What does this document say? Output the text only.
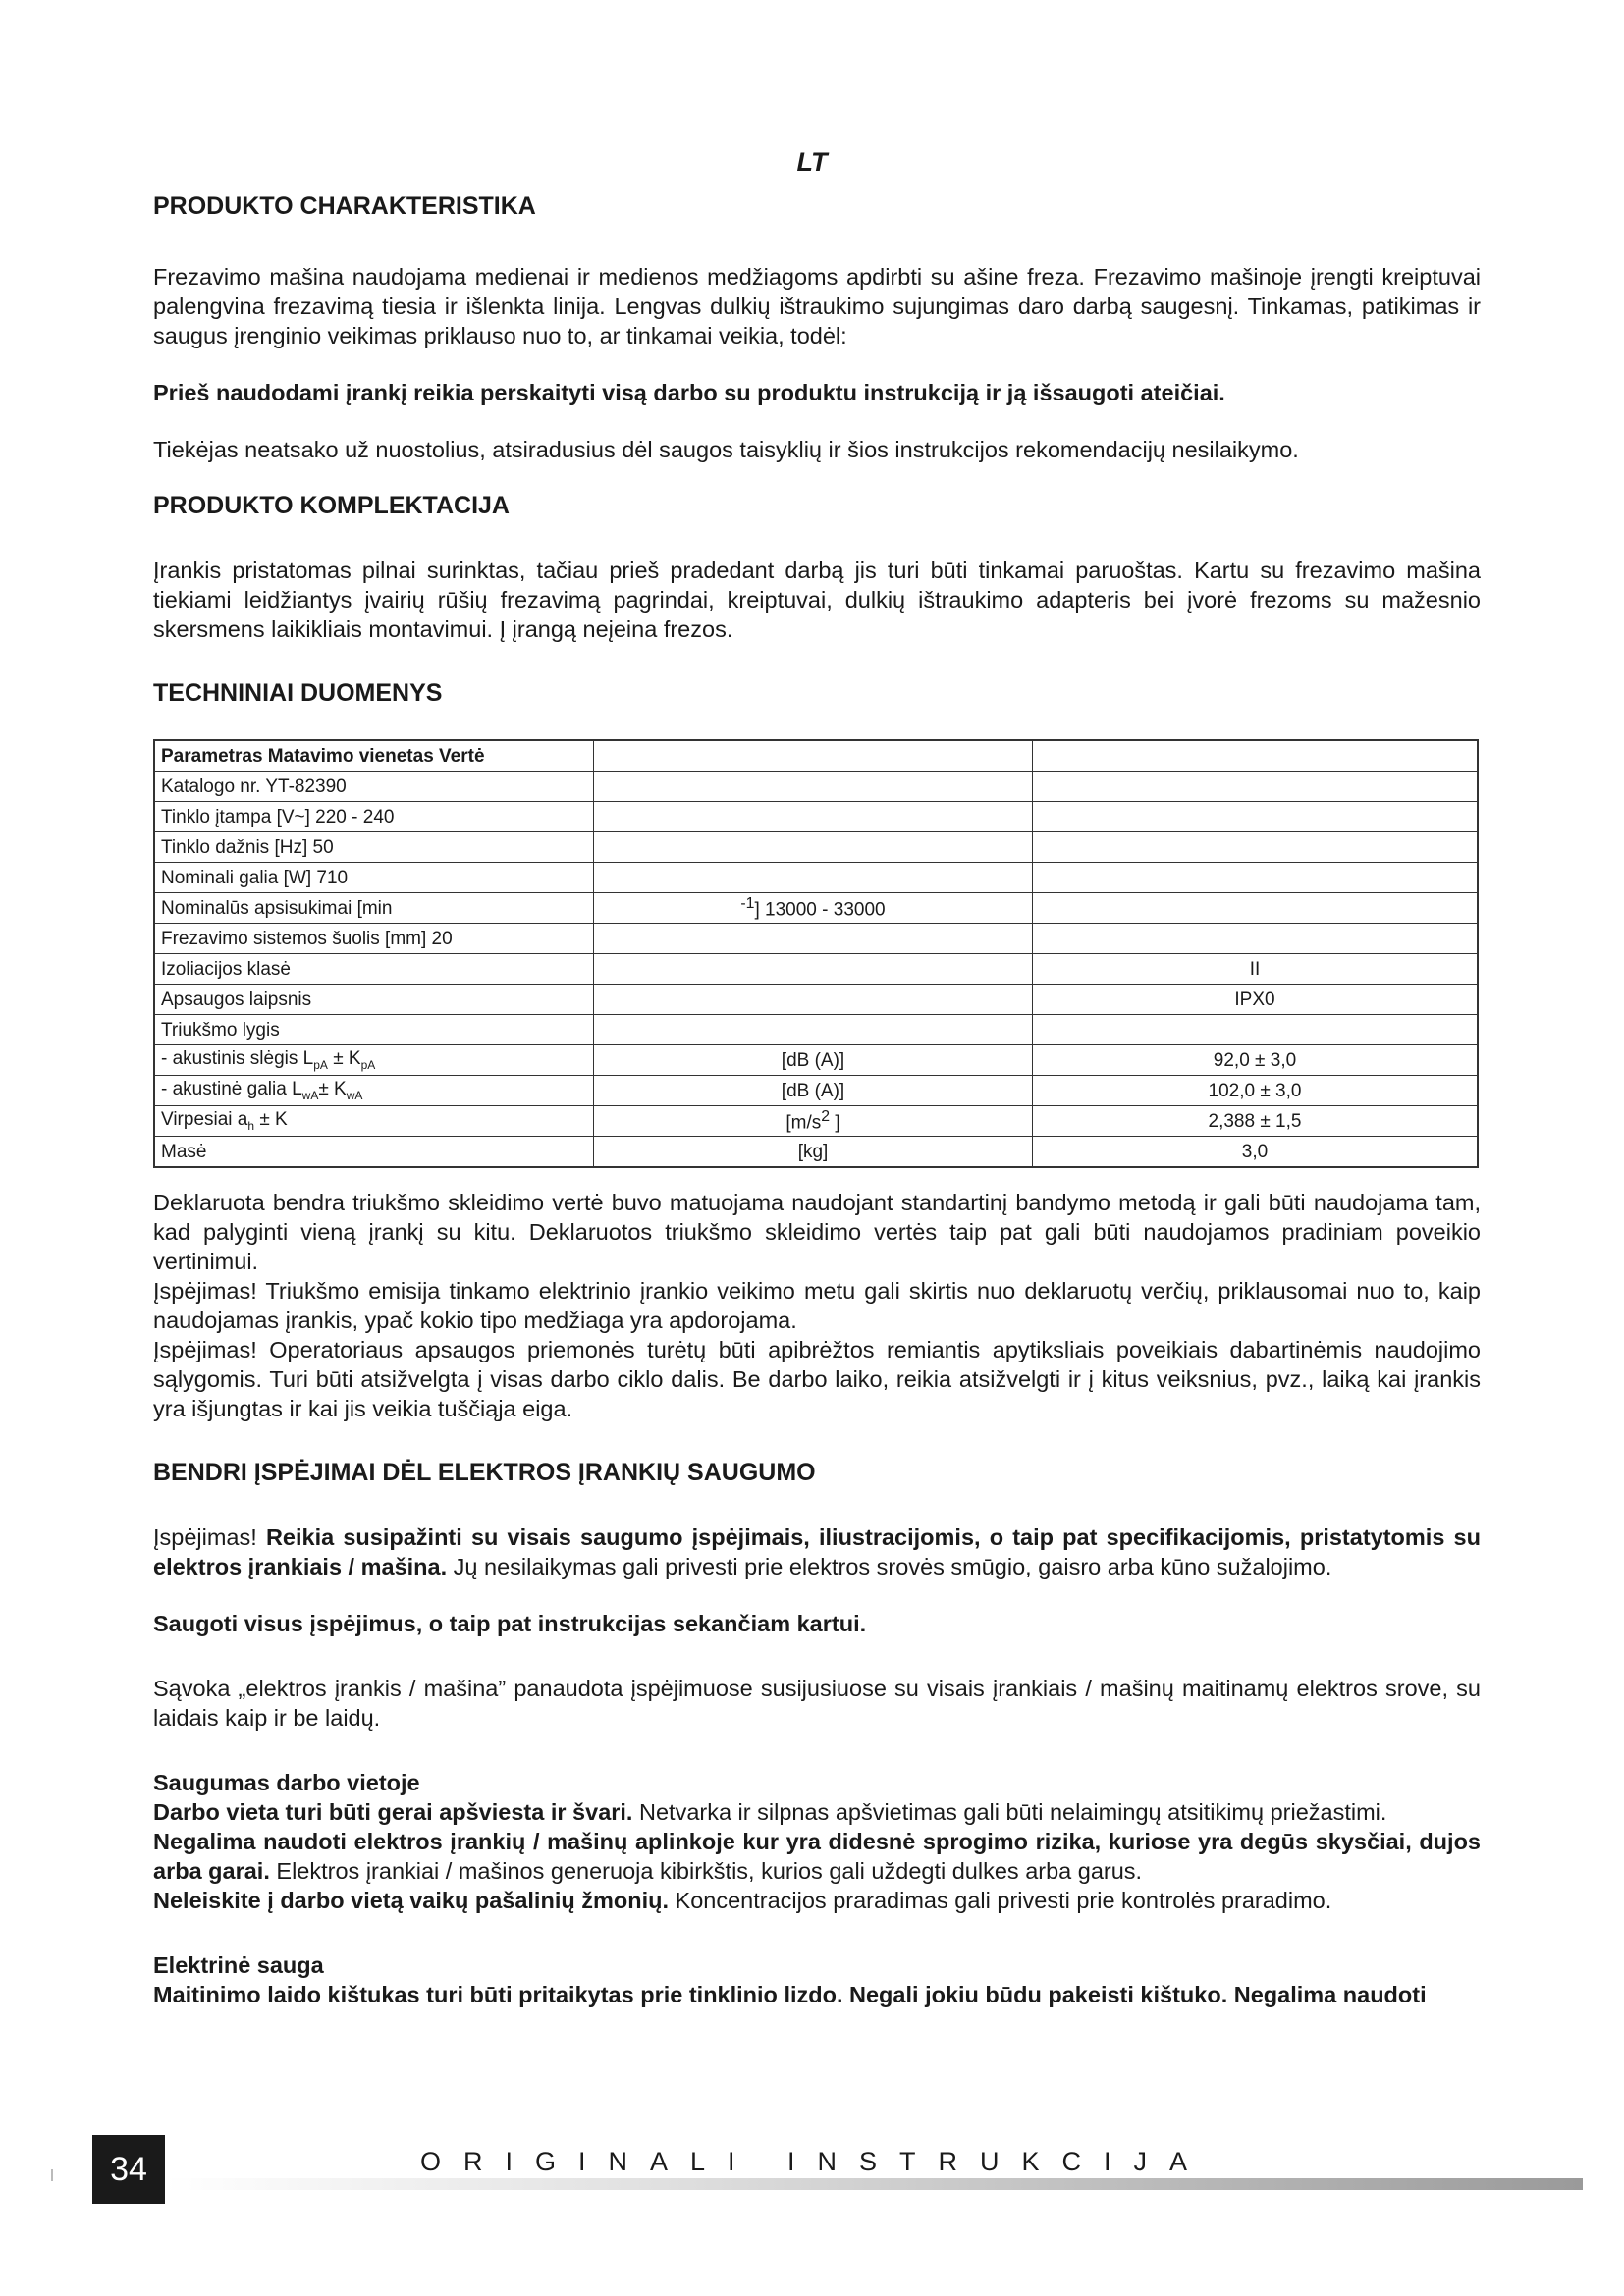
LT
PRODUKTO CHARAKTERISTIKA

Frezavimo mašina naudojama medienai ir medienos medžiagoms apdirbti su ašine freza. Frezavimo mašinoje įrengti kreiptuvai palengvina frezavimą tiesia ir išlenkta linija. Lengvas dulkių ištraukimo sujungimas daro darbą saugesnį. Tinkamas, patikimas ir saugus įrenginio veikimas priklauso nuo to, ar tinkamai veikia, todėl:

Prieš naudodami įrankį reikia perskaityti visą darbo su produktu instrukciją ir ją išsaugoti ateičiai.

Tiekėjas neatsako už nuostolius, atsiradusius dėl saugos taisyklių ir šios instrukcijos rekomendacijų nesilaikymo.

PRODUKTO KOMPLEKTACIJA

Įrankis pristatomas pilnai surinktas, tačiau prieš pradedant darbą jis turi būti tinkamai paruoštas. Kartu su frezavimo mašina tiekiami leidžiantys įvairių rūšių frezavimą pagrindai, kreiptuvai, dulkių ištraukimo adapteris bei įvorė frezoms su mažesnio skersmens laikikliais montavimui. Į įrangą neįeina frezos.

TECHNINIAI DUOMENYS
Parametras Matavimo vienetas Vertė		
Katalogo nr. YT-82390		
Tinklo įtampa [V~] 220 - 240		
Tinklo dažnis [Hz] 50		
Nominali galia [W] 710		
Nominalūs apsisukimai [min	$^{-1}$] 13000 - 33000	
Frezavimo sistemos šuolis [mm] 20		
Izoliacijos klasė		II
Apsaugos laipsnis		IPX0
Triukšmo lygis		
- akustinis slėgis $L_{pA} \pm K_{pA}$	[dB (A)]	92,0 ± 3,0
- akustinė galia $L_{wA}\pm K_{wA}$	[dB (A)]	102,0 ± 3,0
Virpesiai $a_h \pm K$	[$m/s^2$ ]	2,388 ± 1,5
Masė	[kg]	3,0

Deklaruota bendra triukšmo skleidimo vertė buvo matuojama naudojant standartinį bandymo metodą ir gali būti naudojama tam, kad palyginti vieną įrankį su kitu. Deklaruotos triukšmo skleidimo vertės taip pat gali būti naudojamos pradiniam poveikio vertinimui.

Įspėjimas! Triukšmo emisija tinkamo elektrinio įrankio veikimo metu gali skirtis nuo deklaruotų verčių, priklausomai nuo to, kaip naudojamas įrankis, ypač kokio tipo medžiaga yra apdorojama.

Įspėjimas! Operatoriaus apsaugos priemonės turėtų būti apibrėžtos remiantis apytiksliais poveikiais dabartinėmis naudojimo sąlygomis. Turi būti atsižvelgta į visas darbo ciklo dalis. Be darbo laiko, reikia atsižvelgti ir į kitus veiksnius, pvz., laiką kai įrankis yra išjungtas ir kai jis veikia tuščiąja eiga.

BENDRI ĮSPĖJIMAI DĖL ELEKTROS ĮRANKIŲ SAUGUMO

Įspėjimas! Reikia susipažinti su visais saugumo įspėjimais, iliustracijomis, o taip pat specifikacijomis, pristatytomis su elektros įrankiais / mašina. Jų nesilaikymas gali privesti prie elektros srovės smūgio, gaisro arba kūno sužalojimo.

Saugoti visus įspėjimus, o taip pat instrukcijas sekančiam kartui.

Sąvoka „elektros įrankis / mašina” panaudota įspėjimuose susijusiuose su visais įrankiais / mašinų maitinamų elektros srove, su laidais kaip ir be laidų.

Saugumas darbo vietoje

Darbo vieta turi būti gerai apšviesta ir švari. Netvarka ir silpnas apšvietimas gali būti nelaimingų atsitikimų priežastimi.

Negalima naudoti elektros įrankių / mašinų aplinkoje kur yra didesnė sprogimo rizika, kuriose yra degūs skysčiai, dujos arba garai. Elektros įrankiai / mašinos generuoja kibirkštis, kurios gali uždegti dulkes arba garus.

Neleiskite į darbo vietą vaikų pašalinių žmonių. Koncentracijos praradimas gali privesti prie kontrolės praradimo.

Elektrinė sauga

Maitinimo laido kištukas turi būti pritaikytas prie tinklinio lizdo. Negali jokiu būdu pakeisti kištuko. Negalima naudoti

34	ORIGINALI INSTRUKCIJA
